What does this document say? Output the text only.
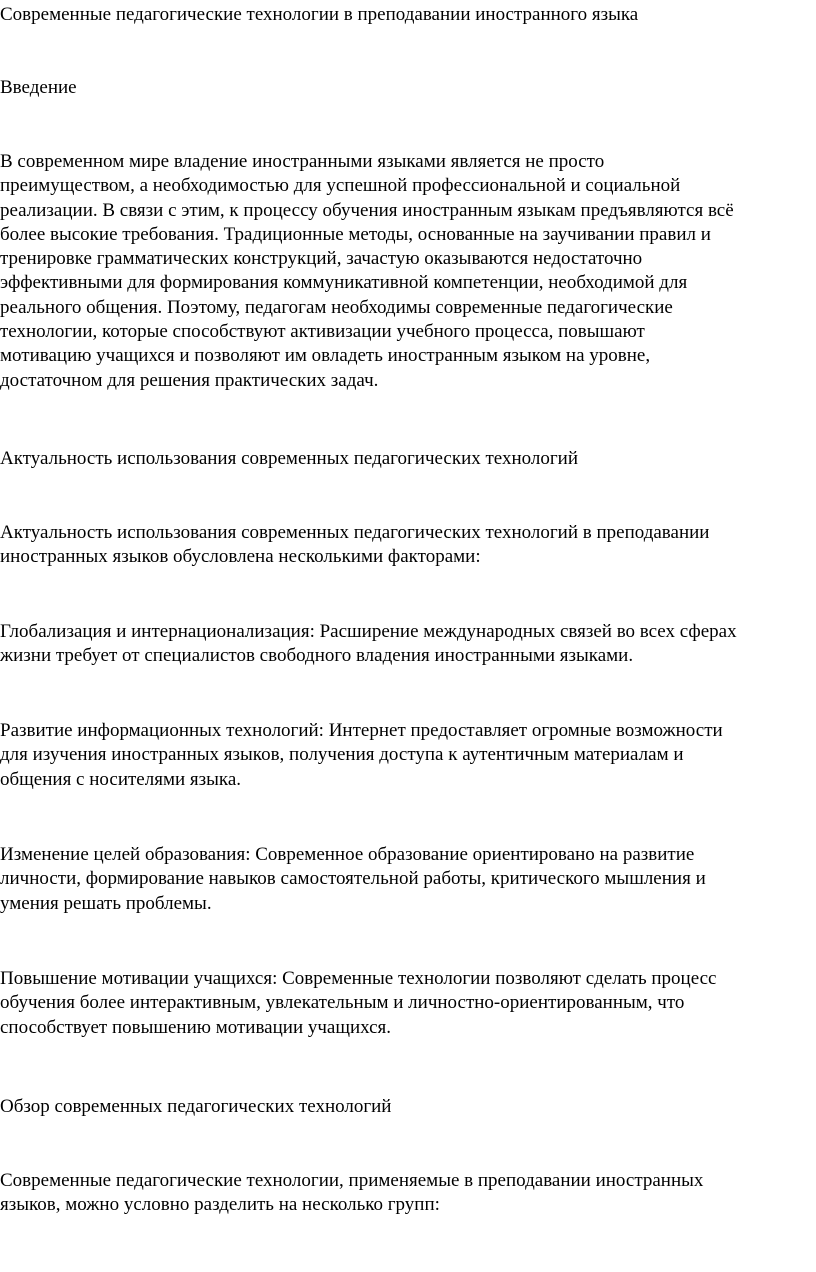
Современные педагогические технологии в преподавании иностранного языка
Введение

В современном мире владение иностранными языками является не просто
преимуществом, а необходимостью для успешной профессиональной и социальной
реализации. В связи с этим, к процессу обучения иностранным языкам предъявляются всё
более высокие требования. Традиционные методы, основанные на заучивании правил и
тренировке грамматических конструкций, зачастую оказываются недостаточно
эффективными для формирования коммуникативной компетенции, необходимой для
реального общения. Поэтому, педагогам необходимы современные педагогические
технологии, которые способствуют активизации учебного процесса, повышают
мотивацию учащихся и позволяют им овладеть иностранным языком на уровне,
достаточном для решения практических задач.

Актуальность использования современных педагогических технологий

Актуальность использования современных педагогических технологий в преподавании
иностранных языков обусловлена несколькими факторами:

Глобализация и интернационализация: Расширение международных связей во всех сферах
жизни требует от специалистов свободного владения иностранными языками.

Развитие информационных технологий: Интернет предоставляет огромные возможности
для изучения иностранных языков, получения доступа к аутентичным материалам и
общения с носителями языка.

Изменение целей образования: Современное образование ориентировано на развитие
личности, формирование навыков самостоятельной работы, критического мышления и
умения решать проблемы.

Повышение мотивации учащихся: Современные технологии позволяют сделать процесс
обучения более интерактивным, увлекательным и личностно-ориентированным, что
способствует повышению мотивации учащихся.

Обзор современных педагогических технологий

Современные педагогические технологии, применяемые в преподавании иностранных
языков, можно условно разделить на несколько групп:
